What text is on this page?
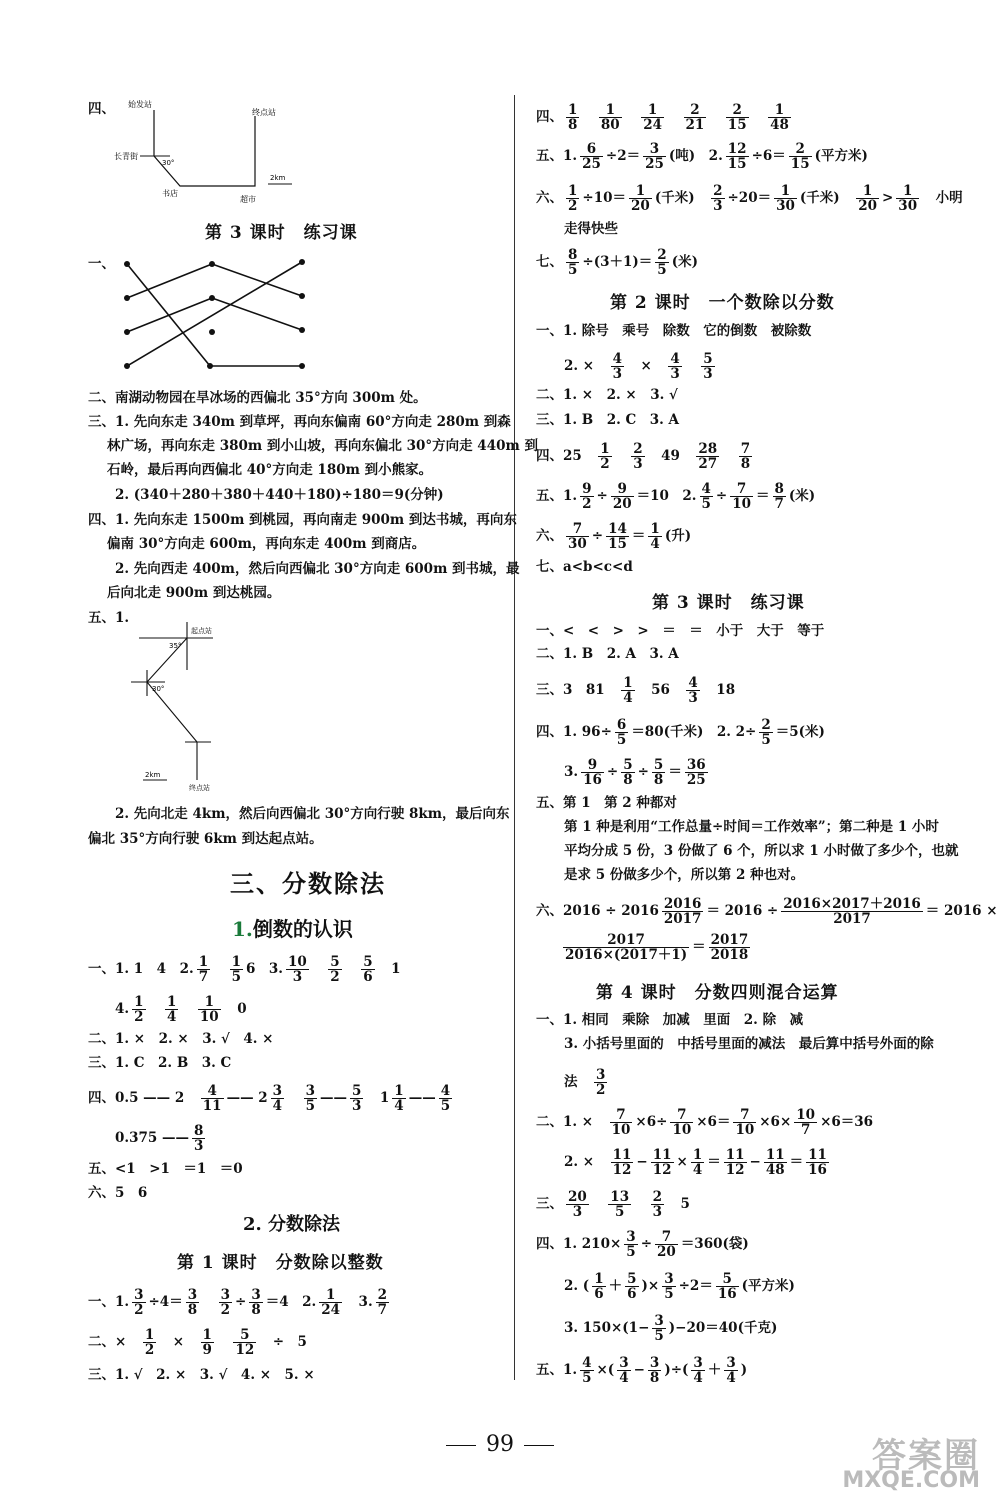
四、 始发站
终点站
长青街
30°
书店
超市
2km
第 3 课时　练习课
一、
二、南湖动物园在旱冰场的西偏北 35°方向 300m 处。
三、1. 先向东走 340m 到草坪，再向东偏南 60°方向走 280m 到森
林广场，再向东走 380m 到小山坡，再向东偏北 30°方向走 440m 到
石岭，最后再向西偏北 40°方向走 180m 到小熊家。
2. (340＋280＋380＋440＋180)÷180＝9(分钟)
四、1. 先向东走 1500m 到桃园，再向南走 900m 到达书城，再向东
偏南 30°方向走 600m，再向东走 400m 到商店。
2. 先向西走 400m，然后向西偏北 30°方向走 600m 到书城，最
后向北走 900m 到达桃园。
五、1.
起点站
35°
30°
2km
终点站
2. 先向北走 4km，然后向西偏北 30°方向行驶 8km，最后向东
偏北 35°方向行驶 6km 到达起点站。
三、分数除法
1.倒数的认识
一、1. 1　4　2. $\frac{1}{7}$
　 $\frac{1}{5} 6$　3. $\frac{10}{3}$
　 $\frac{5}{2}$
　 $\frac{5}{6}$
　 1
4. $\frac{1}{2}$
　 $\frac{1}{4}$
　 $\frac{1}{10}$
　 0
二、1. ×　2. ×　3. √　4. ×
三、1. C　2. B　3. C
四、0.5 —— 2　 $\frac{4}{11}$ —— $2 \frac{3}{4}$
　 $\frac{3}{5}$ —— $\frac{5}{3}$
　 $1 \frac{1}{4}$ —— $\frac{4}{5}$
0.375 —— $\frac{8}{3}$
五、<1　>1　＝1　＝0
六、5　6
2. 分数除法
第 1 课时　分数除以整数
一、1. $\frac{3}{2} \div 4= \frac{3}{8}$
　 $\frac{3}{2} \div \frac{3}{8} =4$　2. $\frac{1}{24}$
　 3. $\frac{2}{7}$
二、×　 $\frac{1}{2}$
　 ×　 $\frac{1}{9}$
　 $\frac{5}{12}$
　 ÷　5
三、1. √　2. ×　3. √　4. ×　5. ×
四、 $\frac{1}{8}$
　 $\frac{1}{80}$
　 $\frac{1}{24}$
　 $\frac{2}{21}$
　 $\frac{2}{15}$
　 $\frac{1}{48}$
五、1. $\frac{6}{25} \div 2= \frac{3}{25}$ (吨)　2. $\frac{12}{15} \div 6= \frac{2}{15}$ (平方米)
六、 $\frac{1}{2} \div 10= \frac{1}{20}$ (千米)　 $\frac{2}{3} \div 20= \frac{1}{30}$ (千米)　 $\frac{1}{20} > \frac{1}{30}$
　 小明
走得快些
七、 $\frac{8}{5} \div(3+1)= \frac{2}{5}$ (米)
第 2 课时　一个数除以分数
一、1. 除号　乘号　除数　它的倒数　被除数
2. ×　 $\frac{4}{3}$
　 ×　 $\frac{4}{3}$
　 $\frac{5}{3}$
二、1. ×　2. ×　3. √
三、1. B　2. C　3. A
四、25　 $\frac{1}{2}$
　 $\frac{2}{3}$
　 49　 $\frac{28}{27}$
　 $\frac{7}{8}$
五、1. $\frac{9}{2} \div \frac{9}{20} =10$　2. $\frac{4}{5} \div \frac{7}{10} = \frac{8}{7}$ (米)
六、 $\frac{7}{30} \div \frac{14}{15} = \frac{1}{4}$ (升)
七、a<b<c<d
第 3 课时　练习课
一、<　<　>　>　＝　＝　小于　大于　等于
二、1. B　2. A　3. A
三、3　81　 $\frac{1}{4}$
　 56　 $\frac{4}{3}$
　 18
四、1. $96\div \frac{6}{5} =80$(千米)　2. $2\div \frac{2}{5} =5$(米)
3. $\frac{9}{16} \div \frac{5}{8} \div \frac{5}{8} = \frac{36}{25}$
五、第 1　第 2 种都对
第 1 种是利用“工作总量÷时间＝工作效率”；第二种是 1 小时
平均分成 5 份，3 份做了 6 个，所以求 1 小时做了多少个，也就
是求 5 份做多少个，所以第 2 种也对。
六、$2016 \div 2016 \frac{2016}{2017} = 2016 \div \frac{2016\times 2017+2016}{2017} = 2016$ ×
$\frac{2017}{2016\times(2017+1)} = \frac{2017}{2018}$
第 4 课时　分数四则混合运算
一、1. 相同　乘除　加减　里面　2. 除　减
3. 小括号里面的　中括号里面的减法　最后算中括号外面的除
法　 $\frac{3}{2}$
二、1. ×　 $\frac{7}{10} \times 6\div \frac{7}{10} \times 6= \frac{7}{10} \times 6\times \frac{10}{7} \times 6=36$
2. ×　 $\frac{11}{12} - \frac{11}{12} \times \frac{1}{4} = \frac{11}{12} - \frac{11}{48} = \frac{11}{16}$
三、 $\frac{20}{3}$
　 $\frac{13}{5}$
　 $\frac{2}{3}$
　 5
四、1. $210\times \frac{3}{5} \div \frac{7}{20} =360$(袋)
2. ( $\frac{1}{6} + \frac{5}{6}$ )× $\frac{3}{5} \div 2= \frac{5}{16}$ (平方米)
3. $150\times(1- \frac{3}{5} )-20=40$(千克)
五、1. $\frac{4}{5}$ ×( $\frac{3}{4} - \frac{3}{8}$ )÷( $\frac{3}{4} + \frac{3}{4}$ )
99	答案圈
MXQE.COM
